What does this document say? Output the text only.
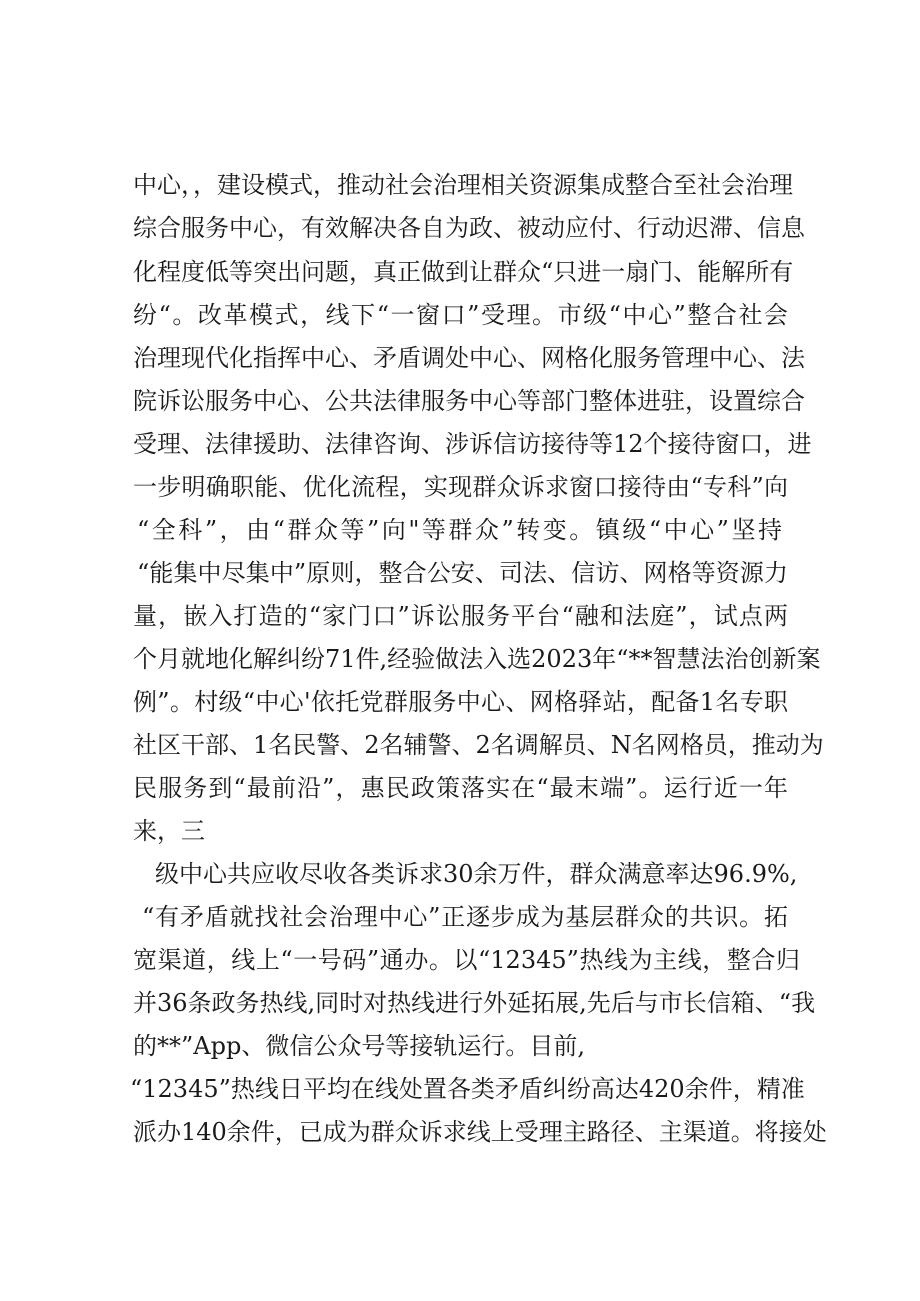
中心，，建设模式，推动社会治理相关资源集成整合至社会治理
综合服务中心，有效解决各自为政、被动应付、行动迟滞、信息
化程度低等突出问题，真正做到让群众“只进一扇门、能解所有
纷“。改革模式，线下“一窗口”受理。市级“中心”整合社会
治理现代化指挥中心、矛盾调处中心、网格化服务管理中心、法
院诉讼服务中心、公共法律服务中心等部门整体进驻，设置综合
受理、法律援助、法律咨询、涉诉信访接待等12个接待窗口，进
一步明确职能、优化流程，实现群众诉求窗口接待由“专科”向
“全科”，由“群众等”向"等群众”转变。镇级“中心”坚持
“能集中尽集中”原则，整合公安、司法、信访、网格等资源力
量，嵌入打造的“家门口”诉讼服务平台“融和法庭”，试点两
个月就地化解纠纷71件,经验做法入选2023年“**智慧法治创新案
例”。村级“中心'依托党群服务中心、网格驿站，配备1名专职
社区干部、1名民警、2名辅警、2名调解员、N名网格员，推动为
民服务到“最前沿”，惠民政策落实在“最末端”。运行近一年
来，三
级中心共应收尽收各类诉求30余万件，群众满意率达96.9%,
“有矛盾就找社会治理中心”正逐步成为基层群众的共识。拓
宽渠道，线上“一号码”通办。以“12345”热线为主线，整合归
并36条政务热线,同时对热线进行外延拓展,先后与市长信箱、“我
的**”App、微信公众号等接轨运行。目前,
“12345”热线日平均在线处置各类矛盾纠纷高达420余件，精准
派办140余件，已成为群众诉求线上受理主路径、主渠道。将接处
